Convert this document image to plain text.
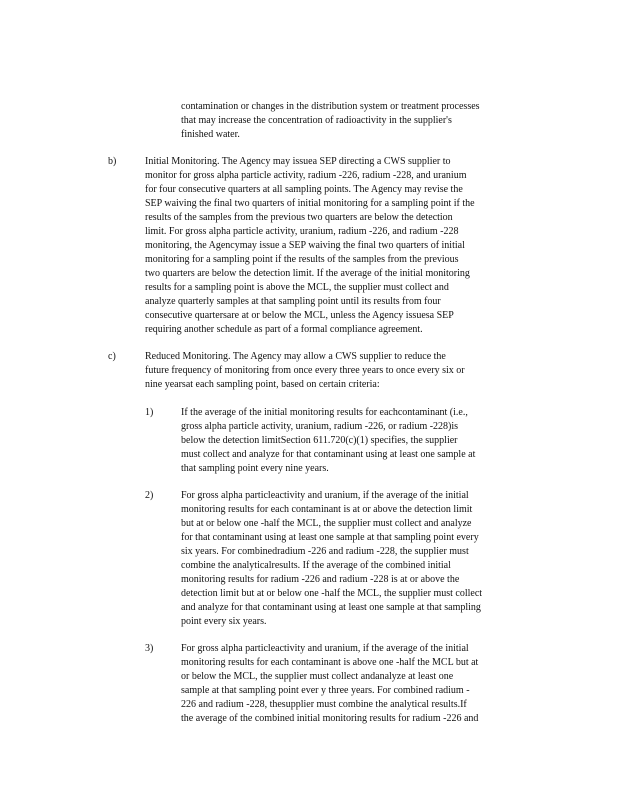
contamination or changes in the distribution system or treatment processes
that may increase the concentration of radioactivity in the supplier's
finished water.
b)	Initial Monitoring. The Agency may issuea SEP directing a CWS supplier to
monitor for gross alpha particle activity, radium -226, radium -228, and uranium
for four consecutive quarters at all sampling points. The Agency may revise the
SEP waiving the final two quarters of initial monitoring for a sampling point if the
results of the samples from the previous two quarters are below the detection
limit. For gross alpha particle activity, uranium, radium -226, and radium -228
monitoring, the Agencymay issue a SEP waiving the final two quarters of initial
monitoring for a sampling point if the results of the samples from the previous
two quarters are below the detection limit. If the average of the initial monitoring
results for a sampling point is above the MCL, the supplier must collect and
analyze quarterly samples at that sampling point until its results from four
consecutive quartersare at or below the MCL, unless the Agency issuesa SEP
requiring another schedule as part of a formal compliance agreement.
c)	Reduced Monitoring. The Agency may allow a CWS supplier to reduce the
future frequency of monitoring from once every three years to once every six or
nine yearsat each sampling point, based on certain criteria:
1)	If the average of the initial monitoring results for eachcontaminant (i.e.,
gross alpha particle activity, uranium, radium -226, or radium -228)is
below the detection limitSection 611.720(c)(1) specifies, the supplier
must collect and analyze for that contaminant using at least one sample at
that sampling point every nine years.
2)	For gross alpha particleactivity and uranium, if the average of the initial
monitoring results for each contaminant is at or above the detection limit
but at or below one -half the MCL, the supplier must collect and analyze
for that contaminant using at least one sample at that sampling point every
six years. For combinedradium -226 and radium -228, the supplier must
combine the analyticalresults. If the average of the combined initial
monitoring results for radium -226 and radium -228 is at or above the
detection limit but at or below one -half the MCL, the supplier must collect
and analyze for that contaminant using at least one sample at that sampling
point every six years.
3)	For gross alpha particleactivity and uranium, if the average of the initial
monitoring results for each contaminant is above one -half the MCL but at
or below the MCL, the supplier must collect andanalyze at least one
sample at that sampling point ever y three years. For combined radium -
226 and radium -228, thesupplier must combine the analytical results.If
the average of the combined initial monitoring results for radium -226 and
